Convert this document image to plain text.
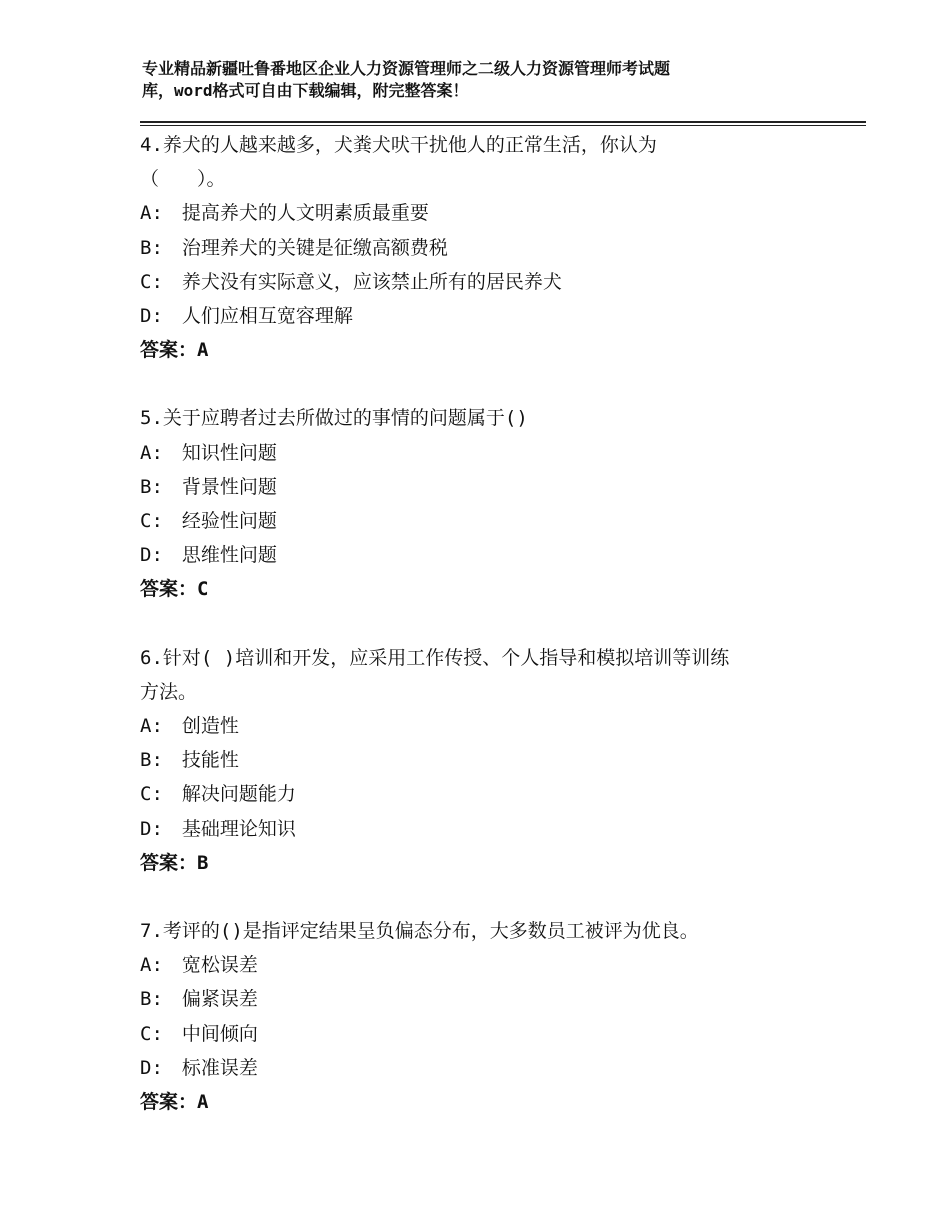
专业精品新疆吐鲁番地区企业人力资源管理师之二级人力资源管理师考试题
库，word格式可自由下载编辑，附完整答案！
4.养犬的人越来越多，犬粪犬吠干扰他人的正常生活，你认为
（　　）。
A:　提高养犬的人文明素质最重要
B:　治理养犬的关键是征缴高额费税
C:　养犬没有实际意义，应该禁止所有的居民养犬
D:　人们应相互宽容理解
答案：A
5.关于应聘者过去所做过的事情的问题属于()
A:　知识性问题
B:　背景性问题
C:　经验性问题
D:　思维性问题
答案：C
6.针对( )培训和开发，应采用工作传授、个人指导和模拟培训等训练
方法。
A:　创造性
B:　技能性
C:　解决问题能力
D:　基础理论知识
答案：B
7.考评的()是指评定结果呈负偏态分布，大多数员工被评为优良。
A:　宽松误差
B:　偏紧误差
C:　中间倾向
D:　标准误差
答案：A
